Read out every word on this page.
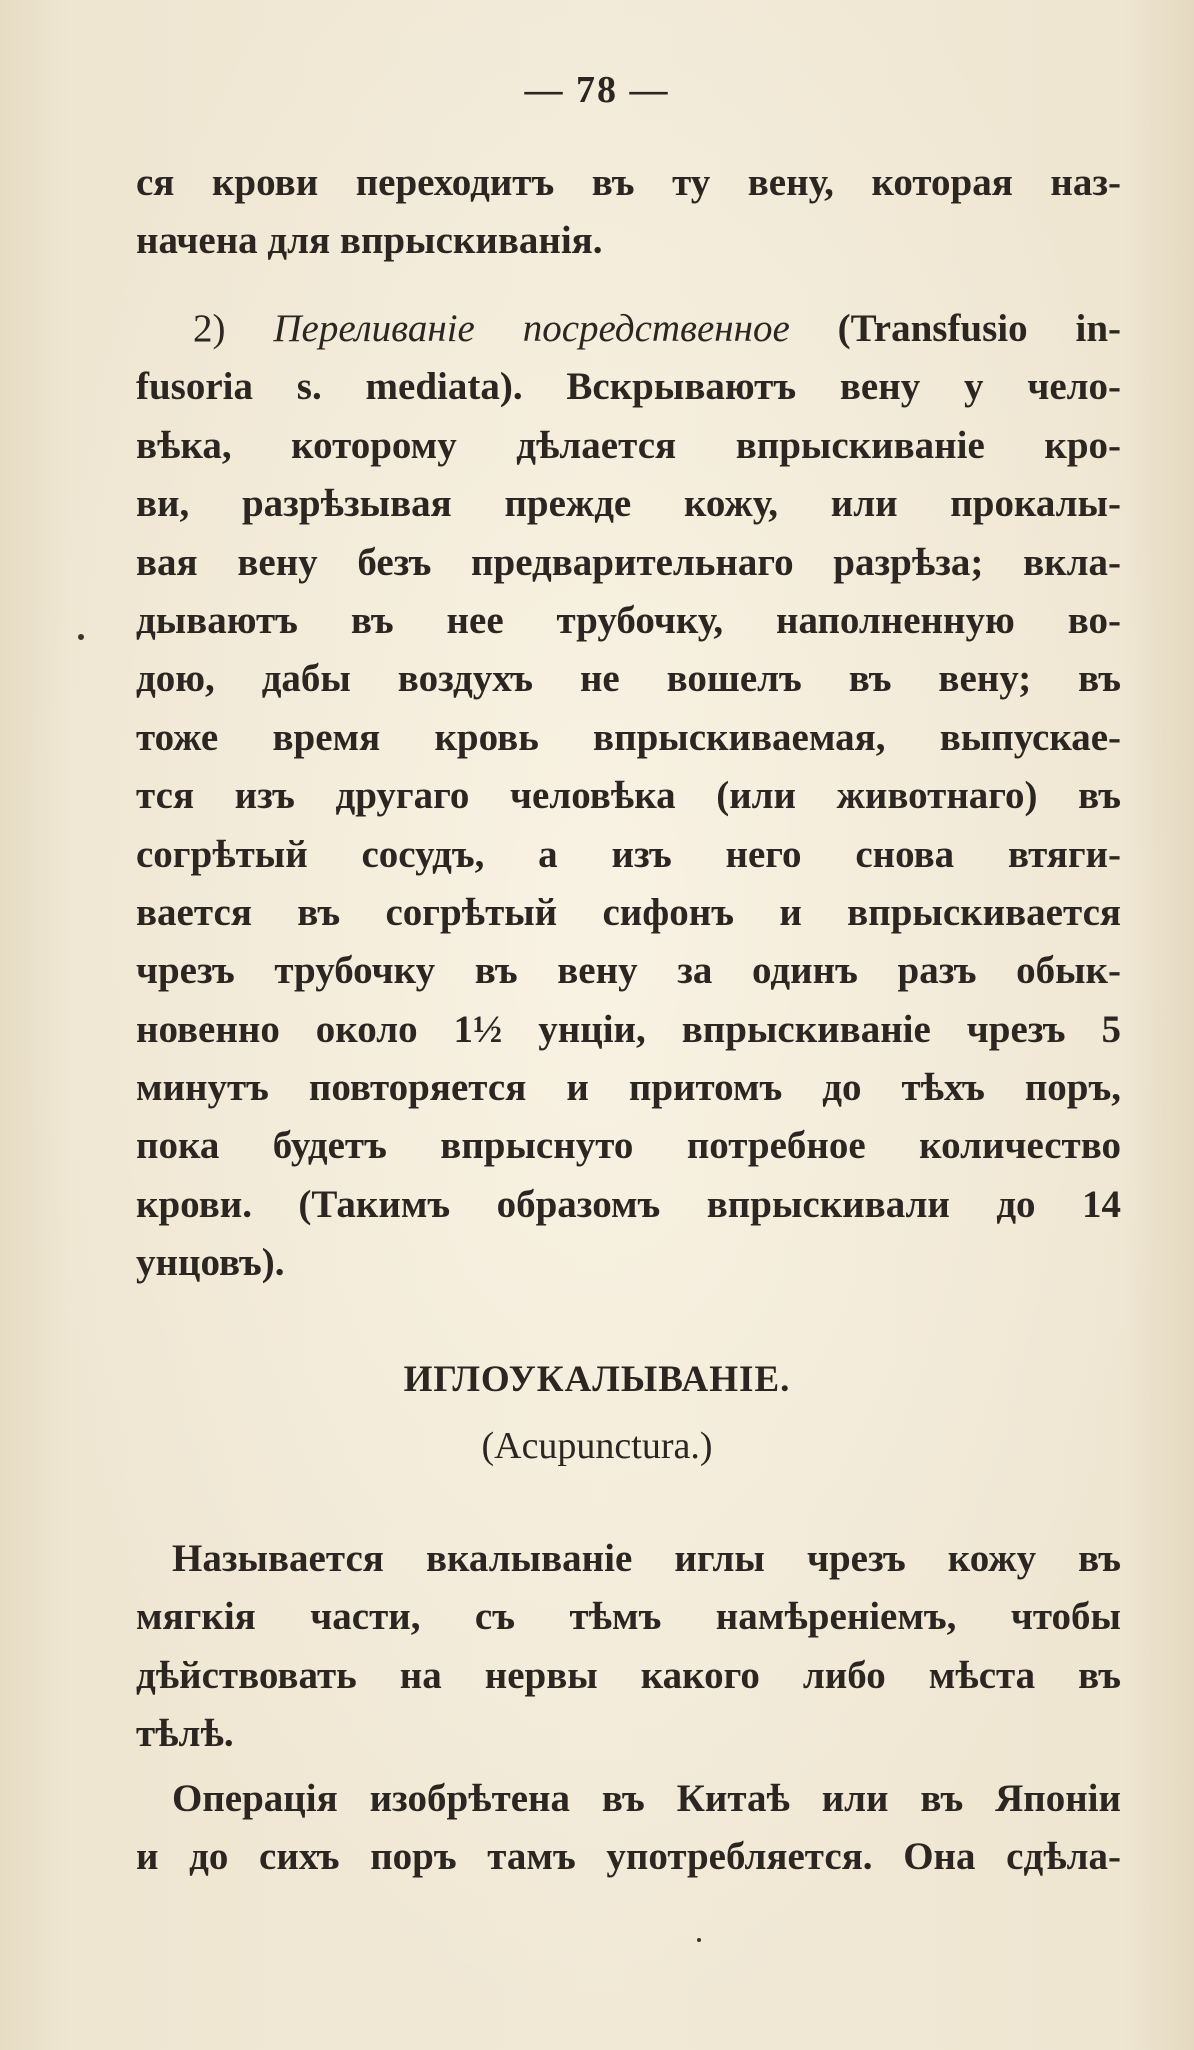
— 78 —
ся крови переходитъ въ ту вену, которая наз-
начена для впрыскиванія.
2) Переливаніе посредственное (Transfusio in-
fusoria s. mediata). Вскрываютъ вену у чело-
вѣка, которому дѣлается впрыскиваніе кро-
ви, разрѣзывая прежде кожу, или прокалы-
вая вену безъ предварительнаго разрѣза; вкла-
дываютъ въ нее трубочку, наполненную во-
дою, дабы воздухъ не вошелъ въ вену; въ
тоже время кровь впрыскиваемая, выпускае-
тся изъ другаго человѣка (или животнаго) въ
согрѣтый сосудъ, а изъ него снова втяги-
вается въ согрѣтый сифонъ и впрыскивается
чрезъ трубочку въ вену за одинъ разъ обык-
новенно около 1½ унціи, впрыскиваніе чрезъ 5
минутъ повторяется и притомъ до тѣхъ поръ,
пока будетъ впрыснуто потребное количество
крови. (Такимъ образомъ впрыскивали до 14
унцовъ).
ИГЛОУКАЛЫВАНІЕ.
(Acupunctura.)
Называется вкалываніе иглы чрезъ кожу въ
мягкія части, съ тѣмъ намѣреніемъ, чтобы
дѣйствовать на нервы какого либо мѣста въ
тѣлѣ.
Операція изобрѣтена въ Китаѣ или въ Японіи
и до сихъ поръ тамъ употребляется. Она сдѣла-
